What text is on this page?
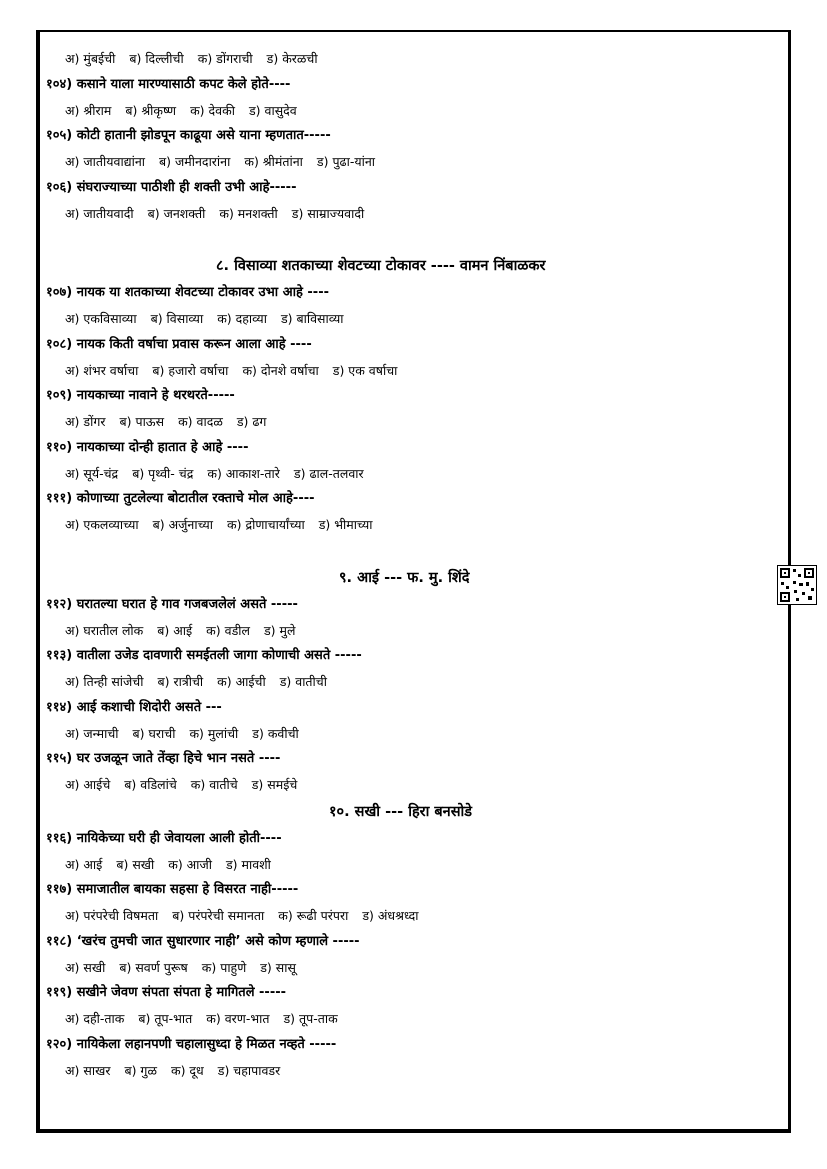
अ) मुंबईची ब) दिल्लीची क) डोंगराची ड) केरळची
१०४) कसाने याला मारण्यासाठी कपट केले होते----
अ) श्रीराम ब) श्रीकृष्ण क) देवकी ड) वासुदेव
१०५) कोटी हातानी झोडपून काढूया असे याना म्हणतात-----
अ) जातीयवाद्यांना ब) जमीनदारांना क) श्रीमंतांना ड) पुढा-यांना
१०६) संघराज्याच्या पाठीशी ही शक्ती उभी आहे-----
अ) जातीयवादी ब) जनशक्ती क) मनशक्ती ड) साम्राज्यवादी
८. विसाव्या शतकाच्या शेवटच्या टोकावर ---- वामन निंबाळकर
१०७) नायक या शतकाच्या शेवटच्या टोकावर उभा आहे ----
अ) एकविसाव्या ब) विसाव्या क) दहाव्या ड) बाविसाव्या
१०८) नायक किती वर्षाचा प्रवास करून आला आहे ----
अ) शंभर वर्षाचा ब) हजारो वर्षाचा क) दोनशे वर्षाचा ड) एक वर्षाचा
१०९) नायकाच्या नावाने हे थरथरते-----
अ) डोंगर ब) पाऊस क) वादळ ड) ढग
११०) नायकाच्या दोन्ही हातात हे आहे ----
अ) सूर्य-चंद्र ब) पृथ्वी- चंद्र क) आकाश-तारे ड) ढाल-तलवार
१११) कोणाच्या तुटलेल्या बोटातील रक्ताचे मोल आहे----
अ) एकलव्याच्या ब) अर्जुनाच्या क) द्रोणाचार्यांच्या ड) भीमाच्या
९. आई --- फ. मु. शिंदे
११२) घरातल्या घरात हे गाव गजबजलेलं असते -----
अ) घरातील लोक ब) आई क) वडील ड) मुले
११३) वातीला उजेड दावणारी समईतली जागा कोणाची असते -----
अ) तिन्ही सांजेची ब) रात्रीची क) आईची ड) वातीची
११४) आई कशाची शिदोरी असते ---
अ) जन्माची ब) घराची क) मुलांची ड) कवीची
११५) घर उजळून जाते तेंव्हा हिचे भान नसते ----
अ) आईचे ब) वडिलांचे क) वातीचे ड) समईचे
१०. सखी --- हिरा बनसोडे
११६) नायिकेच्या घरी ही जेवायला आली होती----
अ) आई ब) सखी क) आजी ड) मावशी
११७) समाजातील बायका सहसा हे विसरत नाही-----
अ) परंपरेची विषमता ब) परंपरेची समानता क) रूढी परंपरा ड) अंधश्रध्दा
११८) ‘खरंच तुमची जात सुधारणार नाही’ असे कोण म्हणाले -----
अ) सखी ब) सवर्ण पुरूष क) पाहुणे ड) सासू
११९) सखीने जेवण संपता संपता हे मागितले -----
अ) दही-ताक ब) तूप-भात क) वरण-भात ड) तूप-ताक
१२०) नायिकेला लहानपणी चहालासुध्दा हे मिळत नव्हते -----
अ) साखर ब) गुळ क) दूध ड) चहापावडर
